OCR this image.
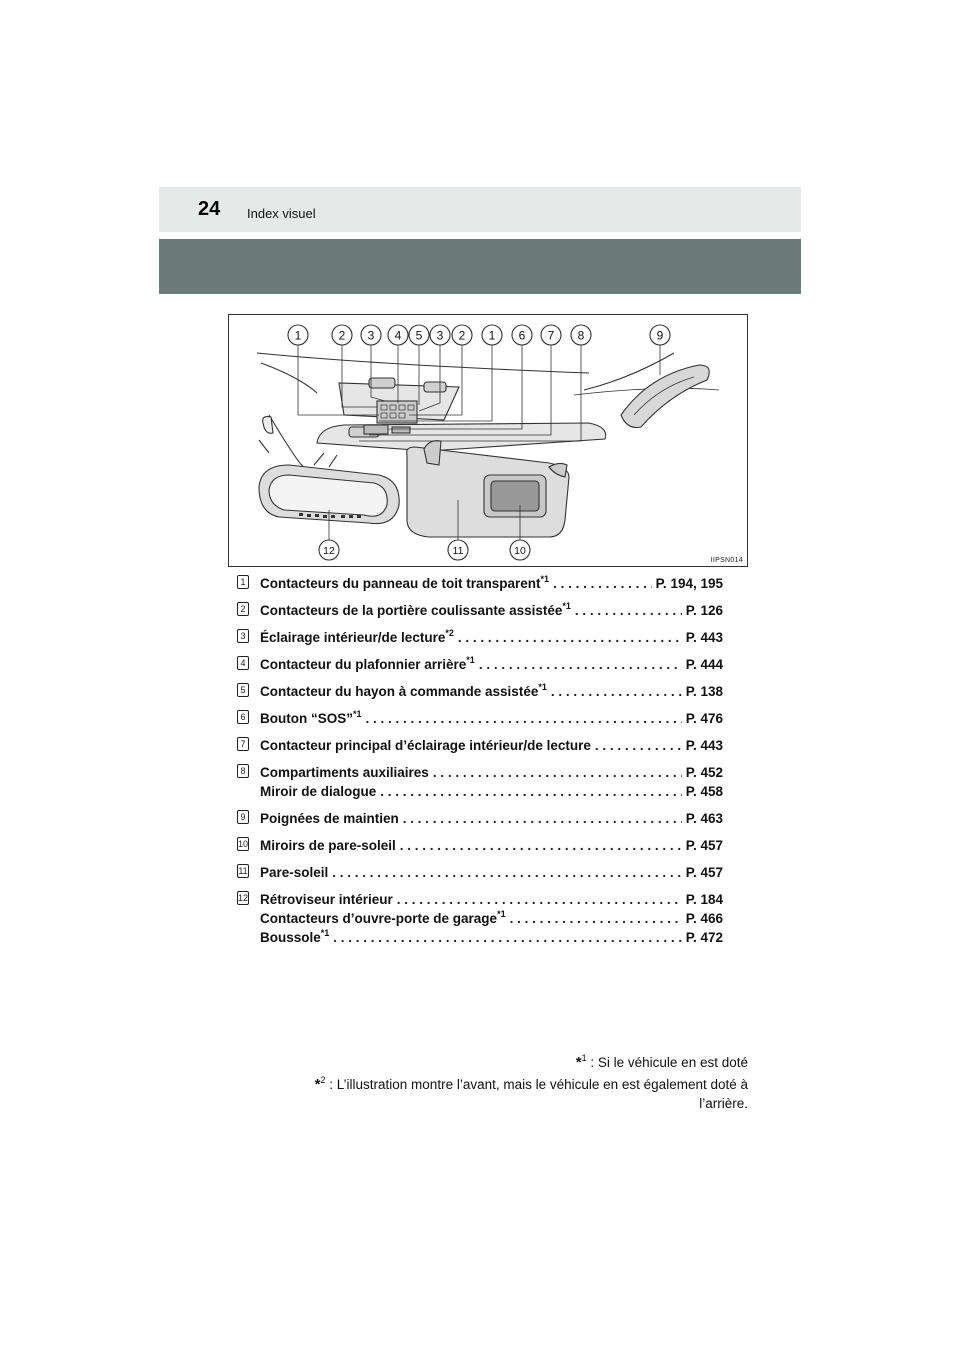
24 Index visuel
1	2 3 4 5 3 2 1 6 7 8	9
12	11	10
IIPSN014
1 Contacteurs du panneau de toit transparent$^{*1}$ . . .	P. 194, 195
2 Contacteurs de la portière coulissante assistée$^{*1}$ . . .	P. 126
3 Éclairage intérieur/de lecture$^{*2}$ . . .	P. 443
4 Contacteur du plafonnier arrière$^{*1}$ . . .	P. 444
5 Contacteur du hayon à commande assistée$^{*1}$ . . .	P. 138
6 Bouton “SOS”$^{*1}$ . . .	P. 476
7 Contacteur principal d’éclairage intérieur/de lecture . . .	P. 443
8 Compartiments auxiliaires . . .	P. 452
Miroir de dialogue . . .	P. 458
9 Poignées de maintien . . .	P. 463
10 Miroirs de pare-soleil . . .	P. 457
11 Pare-soleil . . .	P. 457
12 Rétroviseur intérieur . . .	P. 184
Contacteurs d’ouvre-porte de garage$^{*1}$ . . .	P. 466
Boussole$^{*1}$ . . .	P. 472

*$^1$ : Si le véhicule en est doté

*$^2$ : L’illustration montre l’avant, mais le véhicule en est également doté à l’arrière.
